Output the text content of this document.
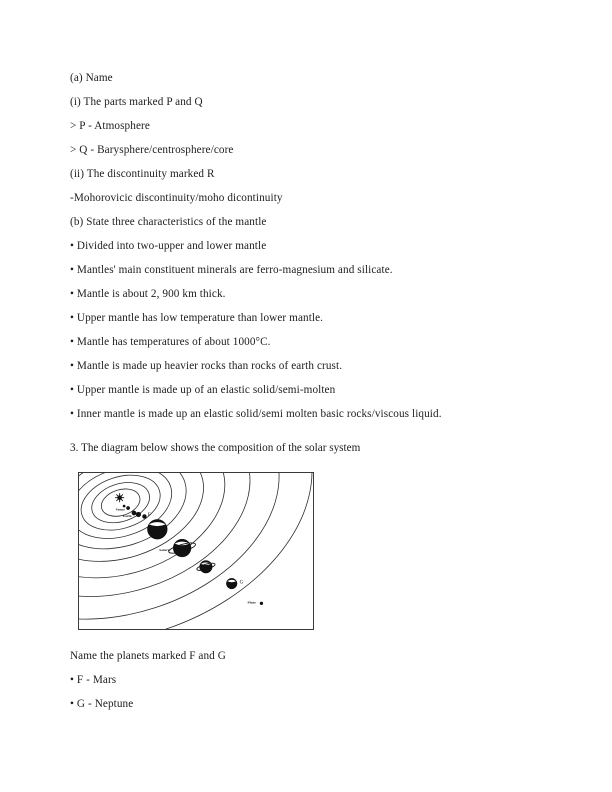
(a) Name
(i) The parts marked P and Q
> P - Atmosphere
> Q - Barysphere/centrosphere/core
(ii) The discontinuity marked R
-Mohorovicic discontinuity/moho dicontinuity
(b) State three characteristics of the mantle
• Divided into two-upper and lower mantle
• Mantles' main constituent minerals are ferro-magnesium and silicate.
• Mantle is about 2, 900 km thick.
• Upper mantle has low temperature than lower mantle.
• Mantle has temperatures of about 1000°C.
• Mantle is made up heavier rocks than rocks of earth crust.
• Upper mantle is made up of an elastic solid/semi-molten
• Inner mantle is made up an elastic solid/semi molten basic rocks/viscous liquid.
3. The diagram below shows the composition of the solar system
Venus
Earth	F
Saturn
G
Pluto
Name the planets marked F and G
• F - Mars
• G - Neptune
